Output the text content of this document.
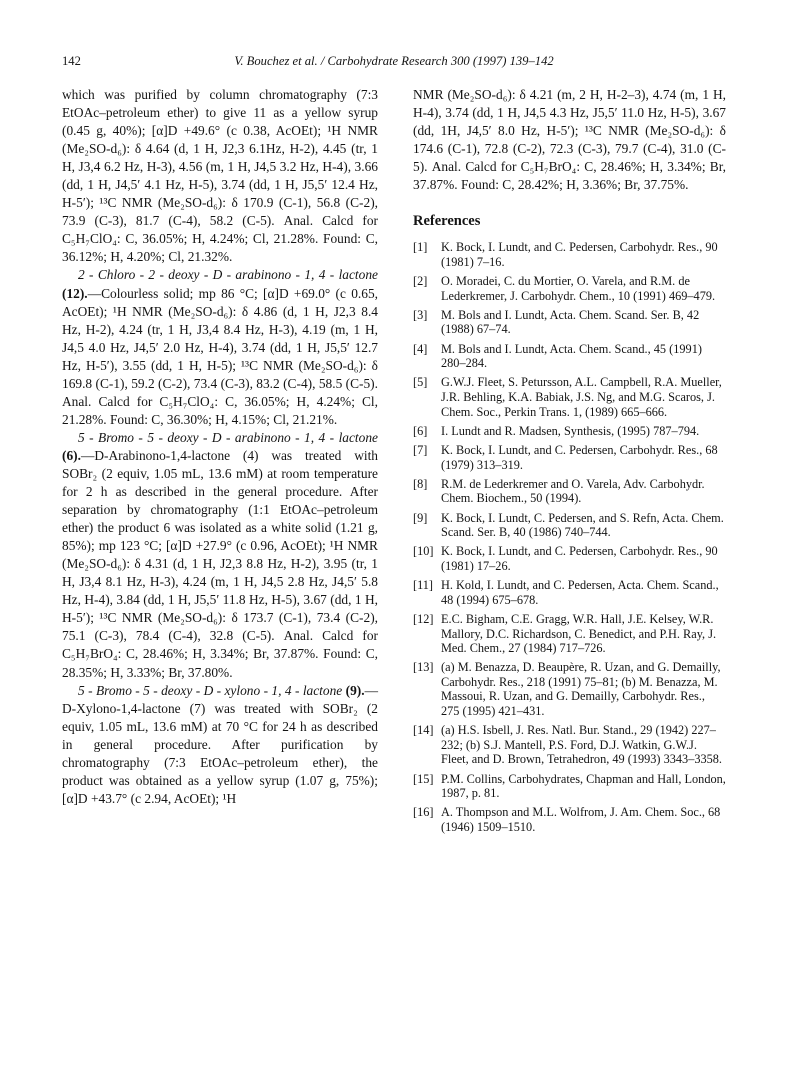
142	V. Bouchez et al. / Carbohydrate Research 300 (1997) 139–142

which was purified by column chromatography (7:3 EtOAc–petroleum ether) to give 11 as a yellow syrup (0.45 g, 40%); [α]D +49.6° (c 0.38, AcOEt); ¹H NMR (Me₂SO-d₆): δ 4.64 (d, 1 H, J2,3 6.1Hz, H-2), 4.45 (tr, 1 H, J3,4 6.2 Hz, H-3), 4.56 (m, 1 H, J4,5 3.2 Hz, H-4), 3.66 (dd, 1 H, J4,5′ 4.1 Hz, H-5), 3.74 (dd, 1 H, J5,5′ 12.4 Hz, H-5′); ¹³C NMR (Me₂SO-d₆): δ 170.9 (C-1), 56.8 (C-2), 73.9 (C-3), 81.7 (C-4), 58.2 (C-5). Anal. Calcd for C₅H₇ClO₄: C, 36.05%; H, 4.24%; Cl, 21.28%. Found: C, 36.12%; H, 4.20%; Cl, 21.32%.

2 - Chloro - 2 - deoxy - D - arabinono - 1, 4 - lactone (12).—Colourless solid; mp 86 °C; [α]D +69.0° (c 0.65, AcOEt); ¹H NMR (Me₂SO-d₆): δ 4.86 (d, 1 H, J2,3 8.4 Hz, H-2), 4.24 (tr, 1 H, J3,4 8.4 Hz, H-3), 4.19 (m, 1 H, J4,5 4.0 Hz, J4,5′ 2.0 Hz, H-4), 3.74 (dd, 1 H, J5,5′ 12.7 Hz, H-5′), 3.55 (dd, 1 H, H-5); ¹³C NMR (Me₂SO-d₆): δ 169.8 (C-1), 59.2 (C-2), 73.4 (C-3), 83.2 (C-4), 58.5 (C-5). Anal. Calcd for C₅H₇ClO₄: C, 36.05%; H, 4.24%; Cl, 21.28%. Found: C, 36.30%; H, 4.15%; Cl, 21.21%.

5 - Bromo - 5 - deoxy - D - arabinono - 1, 4 - lactone (6).—D-Arabinono-1,4-lactone (4) was treated with SOBr₂ (2 equiv, 1.05 mL, 13.6 mM) at room temperature for 2 h as described in the general procedure. After separation by chromatography (1:1 EtOAc–petroleum ether) the product 6 was isolated as a white solid (1.21 g, 85%); mp 123 °C; [α]D +27.9° (c 0.96, AcOEt); ¹H NMR (Me₂SO-d₆): δ 4.31 (d, 1 H, J2,3 8.8 Hz, H-2), 3.95 (tr, 1 H, J3,4 8.1 Hz, H-3), 4.24 (m, 1 H, J4,5 2.8 Hz, J4,5′ 5.8 Hz, H-4), 3.84 (dd, 1 H, J5,5′ 11.8 Hz, H-5), 3.67 (dd, 1 H, H-5′); ¹³C NMR (Me₂SO-d₆): δ 173.7 (C-1), 73.4 (C-2), 75.1 (C-3), 78.4 (C-4), 32.8 (C-5). Anal. Calcd for C₅H₇BrO₄: C, 28.46%; H, 3.34%; Br, 37.87%. Found: C, 28.35%; H, 3.33%; Br, 37.80%.

5 - Bromo - 5 - deoxy - D - xylono - 1, 4 - lactone (9).—D-Xylono-1,4-lactone (7) was treated with SOBr₂ (2 equiv, 1.05 mL, 13.6 mM) at 70 °C for 24 h as described in general procedure. After purification by chromatography (7:3 EtOAc–petroleum ether), the product was obtained as a yellow syrup (1.07 g, 75%); [α]D +43.7° (c 2.94, AcOEt); ¹H

NMR (Me₂SO-d₆): δ 4.21 (m, 2 H, H-2–3), 4.74 (m, 1 H, H-4), 3.74 (dd, 1 H, J4,5 4.3 Hz, J5,5′ 11.0 Hz, H-5), 3.67 (dd, 1H, J4,5′ 8.0 Hz, H-5′); ¹³C NMR (Me₂SO-d₆): δ 174.6 (C-1), 72.8 (C-2), 72.3 (C-3), 79.7 (C-4), 31.0 (C-5). Anal. Calcd for C₅H₇BrO₄: C, 28.46%; H, 3.34%; Br, 37.87%. Found: C, 28.42%; H, 3.36%; Br, 37.75%.

References

[1]	K. Bock, I. Lundt, and C. Pedersen, Carbohydr. Res., 90 (1981) 7–16.
[2]	O. Moradei, C. du Mortier, O. Varela, and R.M. de Lederkremer, J. Carbohydr. Chem., 10 (1991) 469–479.
[3]	M. Bols and I. Lundt, Acta. Chem. Scand. Ser. B, 42 (1988) 67–74.
[4]	M. Bols and I. Lundt, Acta. Chem. Scand., 45 (1991) 280–284.
[5]	G.W.J. Fleet, S. Petursson, A.L. Campbell, R.A. Mueller, J.R. Behling, K.A. Babiak, J.S. Ng, and M.G. Scaros, J. Chem. Soc., Perkin Trans. 1, (1989) 665–666.
[6]	I. Lundt and R. Madsen, Synthesis, (1995) 787–794.
[7]	K. Bock, I. Lundt, and C. Pedersen, Carbohydr. Res., 68 (1979) 313–319.
[8]	R.M. de Lederkremer and O. Varela, Adv. Carbohydr. Chem. Biochem., 50 (1994).
[9]	K. Bock, I. Lundt, C. Pedersen, and S. Refn, Acta. Chem. Scand. Ser. B, 40 (1986) 740–744.
[10] K. Bock, I. Lundt, and C. Pedersen, Carbohydr. Res., 90 (1981) 17–26.
[11] H. Kold, I. Lundt, and C. Pedersen, Acta. Chem. Scand., 48 (1994) 675–678.
[12] E.C. Bigham, C.E. Gragg, W.R. Hall, J.E. Kelsey, W.R. Mallory, D.C. Richardson, C. Benedict, and P.H. Ray, J. Med. Chem., 27 (1984) 717–726.
[13] (a) M. Benazza, D. Beaupère, R. Uzan, and G. Demailly, Carbohydr. Res., 218 (1991) 75–81; (b) M. Benazza, M. Massoui, R. Uzan, and G. Demailly, Carbohydr. Res., 275 (1995) 421–431.
[14] (a) H.S. Isbell, J. Res. Natl. Bur. Stand., 29 (1942) 227–232; (b) S.J. Mantell, P.S. Ford, D.J. Watkin, G.W.J. Fleet, and D. Brown, Tetrahedron, 49 (1993) 3343–3358.
[15] P.M. Collins, Carbohydrates, Chapman and Hall, London, 1987, p. 81.
[16] A. Thompson and M.L. Wolfrom, J. Am. Chem. Soc., 68 (1946) 1509–1510.
